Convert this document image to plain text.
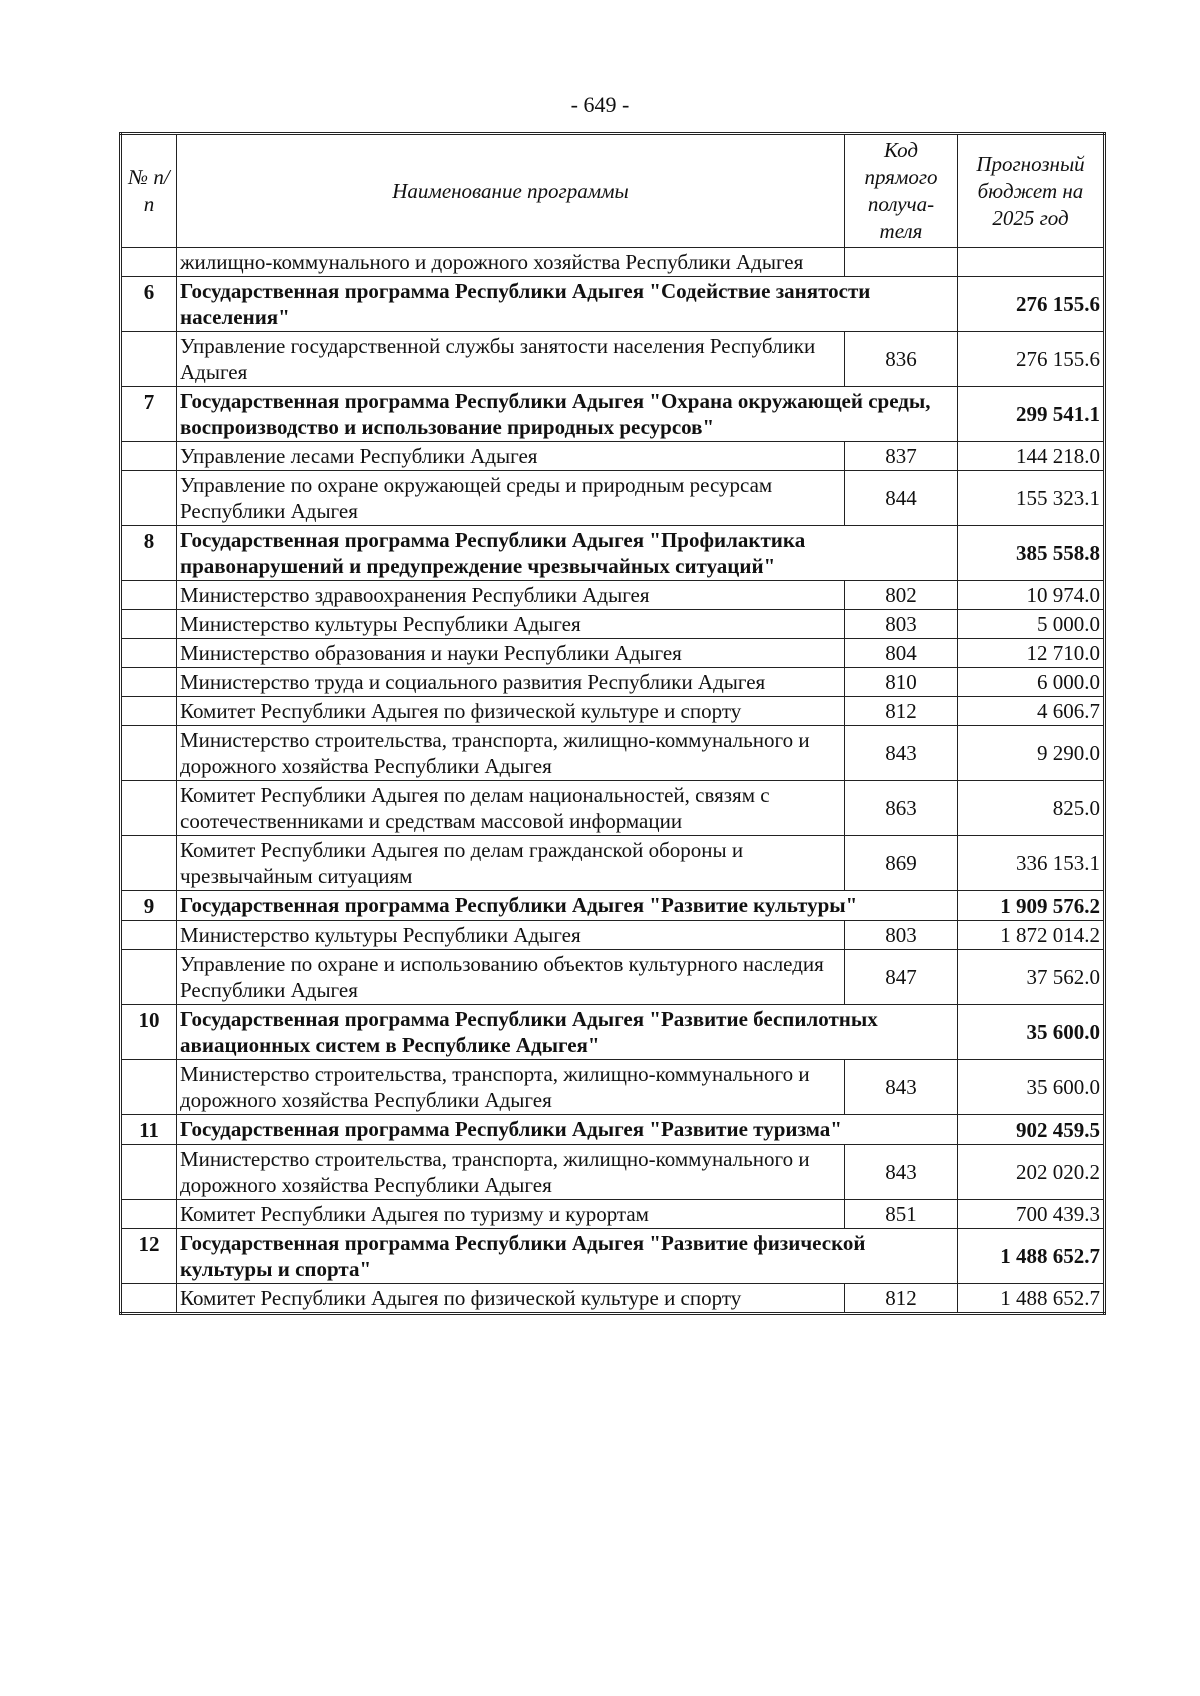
- 649 -
№ п/п	Наименование программы	Код прямого получа-теля	Прогнозный бюджет на 2025 год
	жилищно-коммунального и дорожного хозяйства Республики Адыгея		
6	Государственная программа Республики Адыгея "Содействие занятости населения"		276 155.6
	Управление государственной службы занятости населения Республики Адыгея	836	276 155.6
7	Государственная программа Республики Адыгея "Охрана окружающей среды, воспроизводство и использование природных ресурсов"		299 541.1
	Управление лесами Республики Адыгея	837	144 218.0
	Управление по охране окружающей среды и природным ресурсам Республики Адыгея	844	155 323.1
8	Государственная программа Республики Адыгея "Профилактика правонарушений и предупреждение чрезвычайных ситуаций"		385 558.8
	Министерство здравоохранения Республики Адыгея	802	10 974.0
	Министерство культуры Республики Адыгея	803	5 000.0
	Министерство образования и науки Республики Адыгея	804	12 710.0
	Министерство труда и социального развития Республики Адыгея	810	6 000.0
	Комитет Республики Адыгея по физической культуре и спорту	812	4 606.7
	Министерство строительства, транспорта, жилищно-коммунального и дорожного хозяйства Республики Адыгея	843	9 290.0
	Комитет Республики Адыгея по делам национальностей, связям с соотечественниками и средствам массовой информации	863	825.0
	Комитет Республики Адыгея по делам гражданской обороны и чрезвычайным ситуациям	869	336 153.1
9	Государственная программа Республики Адыгея "Развитие культуры"		1 909 576.2
	Министерство культуры Республики Адыгея	803	1 872 014.2
	Управление по охране и использованию объектов культурного наследия Республики Адыгея	847	37 562.0
10	Государственная программа Республики Адыгея "Развитие беспилотных авиационных систем в Республике Адыгея"		35 600.0
	Министерство строительства, транспорта, жилищно-коммунального и дорожного хозяйства Республики Адыгея	843	35 600.0
11	Государственная программа Республики Адыгея "Развитие туризма"		902 459.5
	Министерство строительства, транспорта, жилищно-коммунального и дорожного хозяйства Республики Адыгея	843	202 020.2
	Комитет Республики Адыгея по туризму и курортам	851	700 439.3
12	Государственная программа Республики Адыгея "Развитие физической культуры и спорта"		1 488 652.7
	Комитет Республики Адыгея по физической культуре и спорту	812	1 488 652.7
